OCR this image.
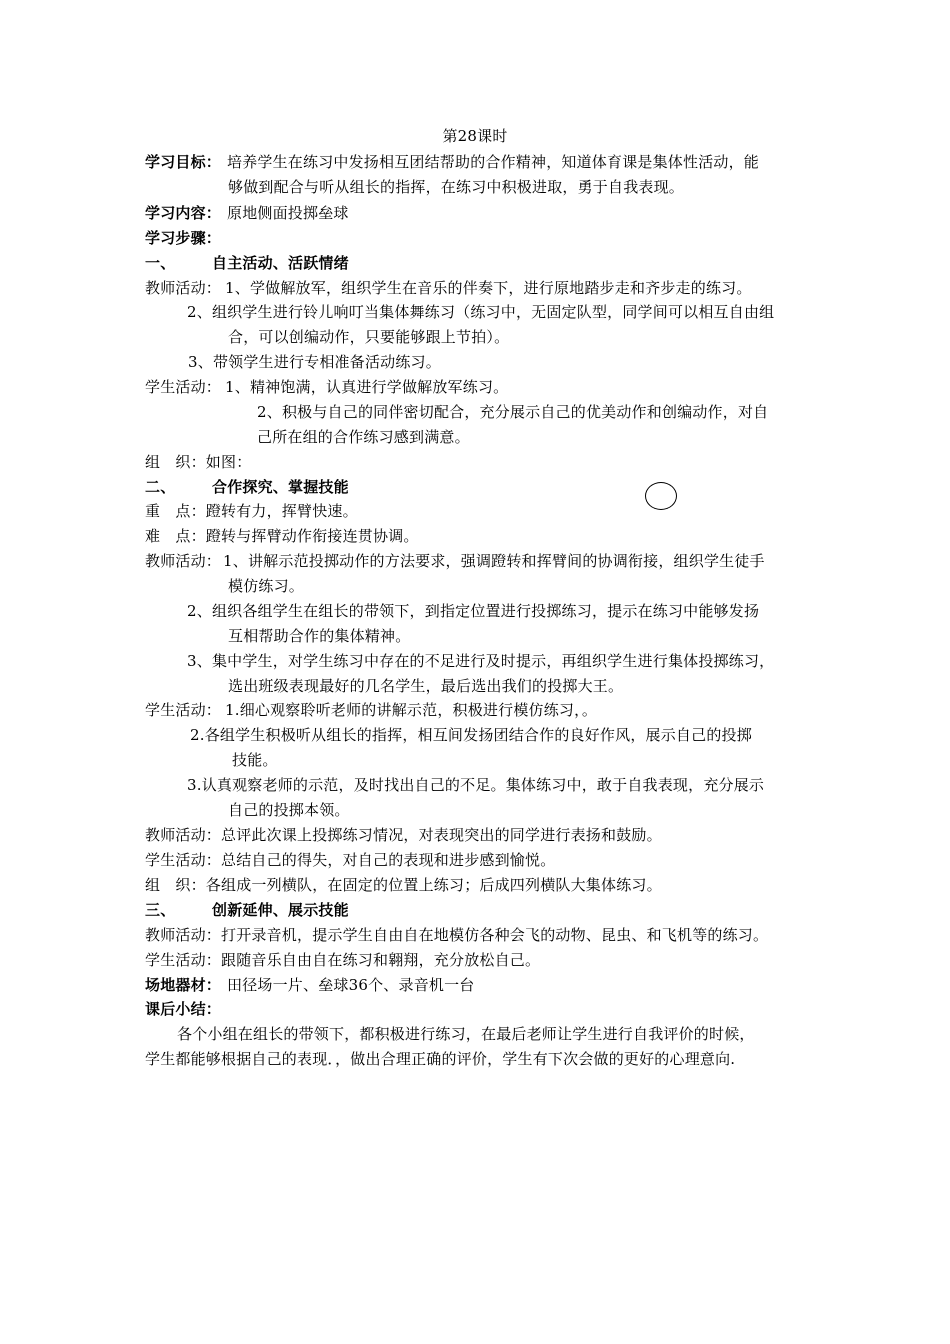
第28课时
学习目标： 培养学生在练习中发扬相互团结帮助的合作精神，知道体育课是集体性活动，能
够做到配合与听从组长的指挥，在练习中积极进取，勇于自我表现。
学习内容： 原地侧面投掷垒球
学习步骤：
一、 自主活动、活跃情绪
教师活动： 1、学做解放军，组织学生在音乐的伴奏下，进行原地踏步走和齐步走的练习。
2、组织学生进行铃儿响叮当集体舞练习（练习中，无固定队型，同学间可以相互自由组
合，可以创编动作，只要能够跟上节拍）。
3、带领学生进行专相准备活动练习。
学生活动： 1、精神饱满，认真进行学做解放军练习。
2、积极与自己的同伴密切配合，充分展示自己的优美动作和创编动作，对自
己所在组的合作练习感到满意。
组　织：如图：
二、 合作探究、掌握技能
重　点：蹬转有力，挥臂快速。
难　点：蹬转与挥臂动作衔接连贯协调。
教师活动： 1、讲解示范投掷动作的方法要求，强调蹬转和挥臂间的协调衔接，组织学生徒手
模仿练习。
2、组织各组学生在组长的带领下，到指定位置进行投掷练习，提示在练习中能够发扬
互相帮助合作的集体精神。
3、集中学生，对学生练习中存在的不足进行及时提示，再组织学生进行集体投掷练习，
选出班级表现最好的几名学生，最后选出我们的投掷大王。
学生活动： 1.细心观察聆听老师的讲解示范，积极进行模仿练习，。
2.各组学生积极听从组长的指挥，相互间发扬团结合作的良好作风，展示自己的投掷
技能。
3.认真观察老师的示范，及时找出自己的不足。集体练习中，敢于自我表现，充分展示
自己的投掷本领。
教师活动：总评此次课上投掷练习情况，对表现突出的同学进行表扬和鼓励。
学生活动：总结自己的得失，对自己的表现和进步感到愉悦。
组　织：各组成一列横队，在固定的位置上练习；后成四列横队大集体练习。
三、 创新延伸、展示技能
教师活动：打开录音机，提示学生自由自在地模仿各种会飞的动物、昆虫、和飞机等的练习。
学生活动：跟随音乐自由自在练习和翱翔，充分放松自己。
场地器材： 田径场一片、垒球36个、录音机一台
课后小结：
各个小组在组长的带领下，都积极进行练习，在最后老师让学生进行自我评价的时候，
学生都能够根据自己的表现．，做出合理正确的评价，学生有下次会做的更好的心理意向.
